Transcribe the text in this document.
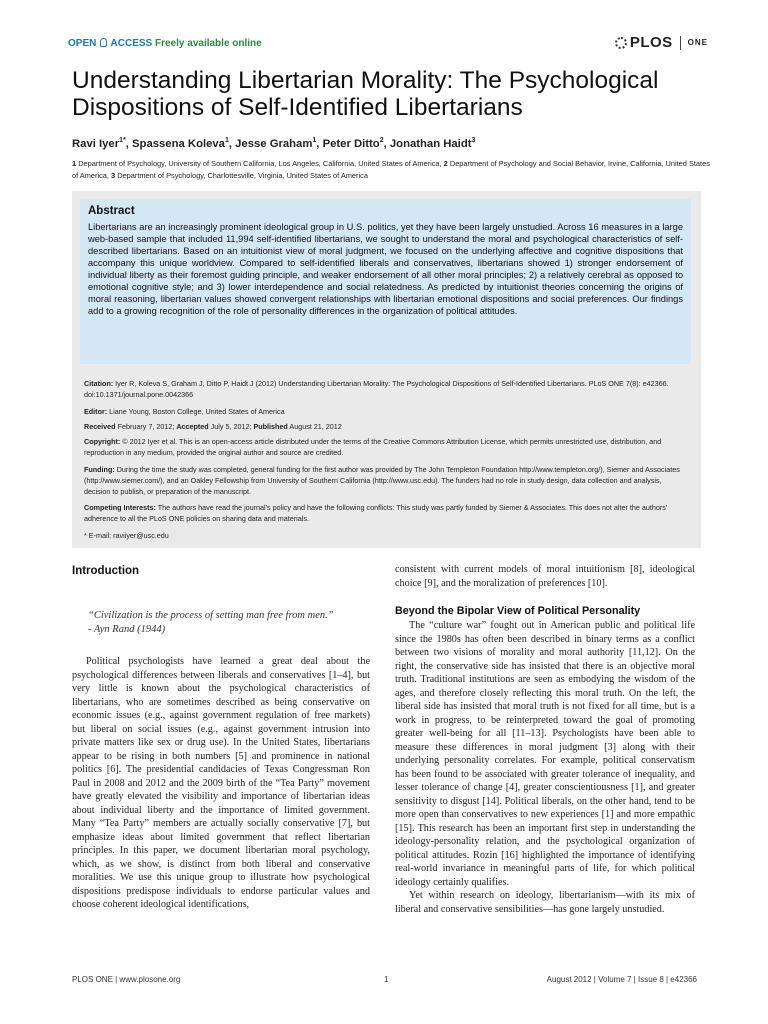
OPEN ACCESS Freely available online	PLOS ONE
Understanding Libertarian Morality: The Psychological Dispositions of Self-Identified Libertarians
Ravi Iyer$^{1*}$, Spassena Koleva$^1$, Jesse Graham$^1$, Peter Ditto$^2$, Jonathan Haidt$^3$
1 Department of Psychology, University of Southern California, Los Angeles, California, United States of America, 2 Department of Psychology and Social Behavior, Irvine, California, United States of America, 3 Department of Psychology, Charlottesville, Virginia, United States of America
Abstract
Libertarians are an increasingly prominent ideological group in U.S. politics, yet they have been largely unstudied. Across 16 measures in a large web-based sample that included 11,994 self-identified libertarians, we sought to understand the moral and psychological characteristics of self-described libertarians. Based on an intuitionist view of moral judgment, we focused on the underlying affective and cognitive dispositions that accompany this unique worldview. Compared to self-identified liberals and conservatives, libertarians showed 1) stronger endorsement of individual liberty as their foremost guiding principle, and weaker endorsement of all other moral principles; 2) a relatively cerebral as opposed to emotional cognitive style; and 3) lower interdependence and social relatedness. As predicted by intuitionist theories concerning the origins of moral reasoning, libertarian values showed convergent relationships with libertarian emotional dispositions and social preferences. Our findings add to a growing recognition of the role of personality differences in the organization of political attitudes.
Citation: Iyer R, Koleva S, Graham J, Ditto P, Haidt J (2012) Understanding Libertarian Morality: The Psychological Dispositions of Self-Identified Libertarians. PLoS ONE 7(8): e42366. doi:10.1371/journal.pone.0042366
Editor: Liane Young, Boston College, United States of America
Received February 7, 2012; Accepted July 5, 2012; Published August 21, 2012
Copyright: © 2012 Iyer et al. This is an open-access article distributed under the terms of the Creative Commons Attribution License, which permits unrestricted use, distribution, and reproduction in any medium, provided the original author and source are credited.
Funding: During the time the study was completed, general funding for the first author was provided by The John Templeton Foundation http://www.templeton.org/), Siemer and Associates (http://www.siemer.com/), and an Oakley Fellowship from University of Southern California (http://www.usc.edu). The funders had no role in study design, data collection and analysis, decision to publish, or preparation of the manuscript.
Competing Interests: The authors have read the journal's policy and have the following conflicts: This study was partly funded by Siemer & Associates. This does not alter the authors' adherence to all the PLoS ONE policies on sharing data and materials.
* E-mail: raviiyer@usc.edu
Introduction
“Civilization is the process of setting man free from men.”
- Ayn Rand (1944)

Political psychologists have learned a great deal about the psychological differences between liberals and conservatives [1–4], but very little is known about the psychological characteristics of libertarians, who are sometimes described as being conservative on economic issues (e.g., against government regulation of free markets) but liberal on social issues (e.g., against government intrusion into private matters like sex or drug use). In the United States, libertarians appear to be rising in both numbers [5] and prominence in national politics [6]. The presidential candidacies of Texas Congressman Ron Paul in 2008 and 2012 and the 2009 birth of the “Tea Party” movement have greatly elevated the visibility and importance of libertarian ideas about individual liberty and the importance of limited government. Many “Tea Party” members are actually socially conservative [7], but emphasize ideas about limited government that reflect libertarian principles. In this paper, we document libertarian moral psychology, which, as we show, is distinct from both liberal and conservative moralities. We use this unique group to illustrate how psychological dispositions predispose individuals to endorse particular values and choose coherent ideological identifications,

consistent with current models of moral intuitionism [8], ideological choice [9], and the moralization of preferences [10].

Beyond the Bipolar View of Political Personality

The “culture war” fought out in American public and political life since the 1980s has often been described in binary terms as a conflict between two visions of morality and moral authority [11,12]. On the right, the conservative side has insisted that there is an objective moral truth. Traditional institutions are seen as embodying the wisdom of the ages, and therefore closely reflecting this moral truth. On the left, the liberal side has insisted that moral truth is not fixed for all time, but is a work in progress, to be reinterpreted toward the goal of promoting greater well-being for all [11–13]. Psychologists have been able to measure these differences in moral judgment [3] along with their underlying personality correlates. For example, political conservatism has been found to be associated with greater tolerance of inequality, and lesser tolerance of change [4], greater conscientiousness [1], and greater sensitivity to disgust [14]. Political liberals, on the other hand, tend to be more open than conservatives to new experiences [1] and more empathic [15]. This research has been an important first step in understanding the ideology-personality relation, and the psychological organization of political attitudes. Rozin [16] highlighted the importance of identifying real-world invariance in meaningful parts of life, for which political ideology certainly qualifies.

Yet within research on ideology, libertarianism—with its mix of liberal and conservative sensibilities—has gone largely unstudied.

PLOS ONE | www.plosone.org	1	August 2012 | Volume 7 | Issue 8 | e42366
